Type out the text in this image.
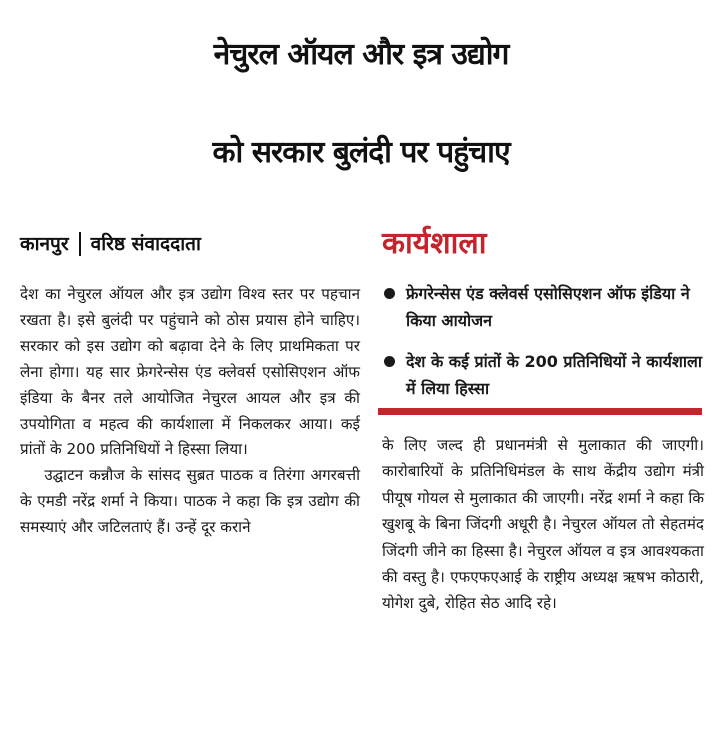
नेचुरल ऑयल और इत्र उद्योग
को सरकार बुलंदी पर पहुंचाए
कानपुर वरिष्ठ संवाददाता

देश का नेचुरल ऑयल और इत्र उद्योग विश्व स्तर पर पहचान रखता है। इसे बुलंदी पर पहुंचाने को ठोस प्रयास होने चाहिए। सरकार को इस उद्योग को बढ़ावा देने के लिए प्राथमिकता पर लेना होगा। यह सार फ्रेगरेन्सेस एंड क्लेवर्स एसोसिएशन ऑफ इंडिया के बैनर तले आयोजित नेचुरल आयल और इत्र की उपयोगिता व महत्व की कार्यशाला में निकलकर आया। कई प्रांतों के 200 प्रतिनिधियों ने हिस्सा लिया।

उद्घाटन कन्नौज के सांसद सुब्रत पाठक व तिरंगा अगरबत्ती के एमडी नरेंद्र शर्मा ने किया। पाठक ने कहा कि इत्र उद्योग की समस्याएं और जटिलताएं हैं। उन्हें दूर कराने

कार्यशाला
फ्रेगरेन्सेस एंड क्लेवर्स एसोसिएशन ऑफ इंडिया ने किया आयोजन
देश के कई प्रांतों के 200 प्रतिनिधियों ने कार्यशाला में लिया हिस्सा

के लिए जल्द ही प्रधानमंत्री से मुलाकात की जाएगी। कारोबारियों के प्रतिनिधिमंडल के साथ केंद्रीय उद्योग मंत्री पीयूष गोयल से मुलाकात की जाएगी। नरेंद्र शर्मा ने कहा कि खुशबू के बिना जिंदगी अधूरी है। नेचुरल ऑयल तो सेहतमंद जिंदगी जीने का हिस्सा है। नेचुरल ऑयल व इत्र आवश्यकता की वस्तु है। एफएफएआई के राष्ट्रीय अध्यक्ष ऋषभ कोठारी, योगेश दुबे, रोहित सेठ आदि रहे।
